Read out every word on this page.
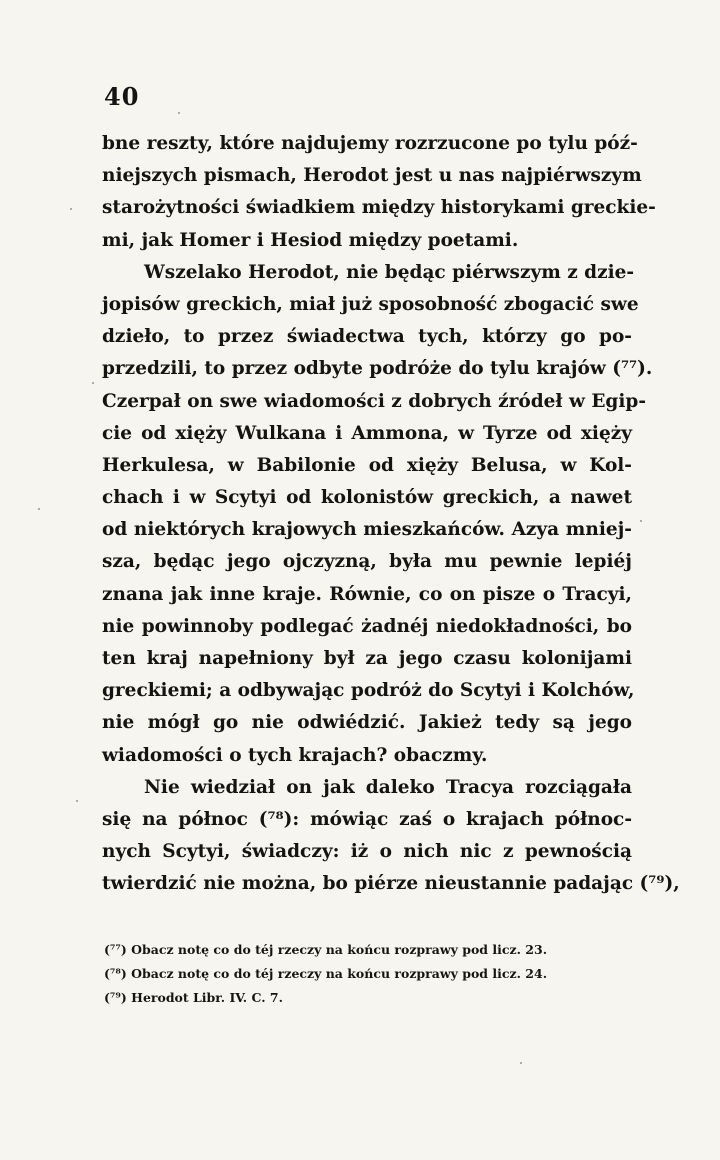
40
bne reszty, które najdujemy rozrzucone po tylu póź-
niejszych pismach, Herodot jest u nas najpiérwszym
starożytności świadkiem między historykami greckie-
mi, jak Homer i Hesiod między poetami.
Wszelako Herodot, nie będąc piérwszym z dzie-
jopisów greckich, miał już sposobność zbogacić swe
dzieło, to przez świadectwa tych, którzy go po-
przedzili, to przez odbyte podróże do tylu krajów (⁷⁷).
Czerpał on swe wiadomości z dobrych źródeł w Egip-
cie od xięży Wulkana i Ammona, w Tyrze od xięży
Herkulesa, w Babilonie od xięży Belusa, w Kol-
chach i w Scytyi od kolonistów greckich, a nawet
od niektórych krajowych mieszkańców. Azya mniej-
sza, będąc jego ojczyzną, była mu pewnie lepiéj
znana jak inne kraje. Równie, co on pisze o Tracyi,
nie powinnoby podlegać żadnéj niedokładności, bo
ten kraj napełniony był za jego czasu kolonijami
greckiemi; a odbywając podróż do Scytyi i Kolchów,
nie mógł go nie odwiédzić. Jakież tedy są jego
wiadomości o tych krajach? obaczmy.
Nie wiedział on jak daleko Tracya rozciągała
się na północ (⁷⁸): mówiąc zaś o krajach północ-
nych Scytyi, świadczy: iż o nich nic z pewnością
twierdzić nie można, bo piérze nieustannie padając (⁷⁹),
(⁷⁷) Obacz notę co do téj rzeczy na końcu rozprawy pod licz. 23.
(⁷⁸) Obacz notę co do téj rzeczy na końcu rozprawy pod licz. 24.
(⁷⁹) Herodot Libr. IV. C. 7.
